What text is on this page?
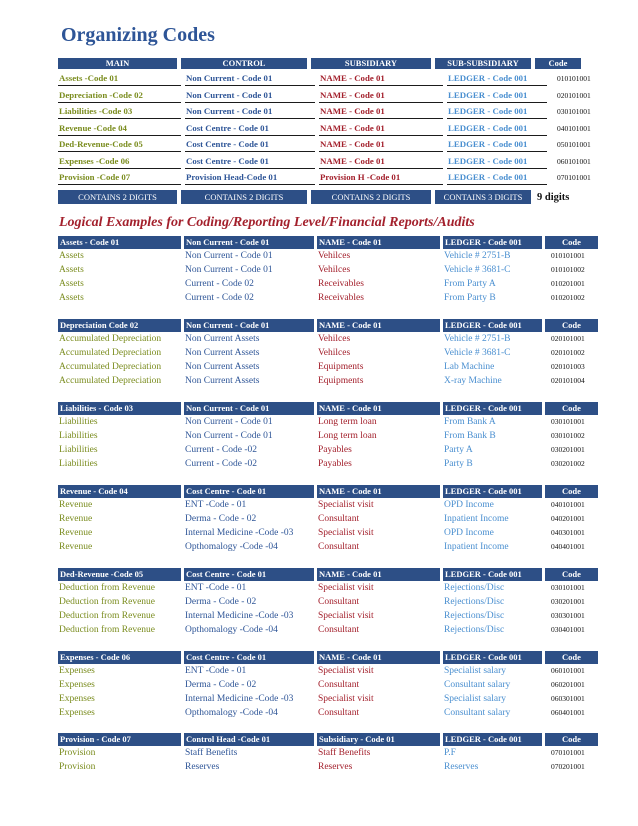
Organizing Codes
MAIN	CONTROL	SUBSIDIARY	SUB-SUBSIDIARY	Code
Assets -Code 01	Non Current - Code 01	NAME - Code 01	LEDGER - Code 001	010101001
Depreciation -Code 02	Non Current - Code 01	NAME - Code 01	LEDGER - Code 001	020101001
Liabilities -Code 03	Non Current - Code 01	NAME - Code 01	LEDGER - Code 001	030101001
Revenue -Code 04	Cost Centre - Code 01	NAME - Code 01	LEDGER - Code 001	040101001
Ded-Revenue-Code 05	Cost Centre - Code 01	NAME - Code 01	LEDGER - Code 001	050101001
Expenses -Code 06	Cost Centre - Code 01	NAME - Code 01	LEDGER - Code 001	060101001
Provision -Code 07	Provision Head-Code 01	Provision H -Code 01	LEDGER - Code 001	070101001
CONTAINS 2 DIGITS	CONTAINS 2 DIGITS	CONTAINS 2 DIGITS	CONTAINS 3 DIGITS	9 digits
Logical Examples for Coding/Reporting Level/Financial Reports/Audits
Assets - Code 01	Non Current - Code 01	NAME - Code 01	LEDGER - Code 001	Code
Assets	Non Current - Code 01	Vehilces	Vehicle # 2751-B	010101001
Assets	Non Current - Code 01	Vehilces	Vehicle # 3681-C	010101002
Assets	Current - Code 02	Receivables	From Party A	010201001
Assets	Current - Code 02	Receivables	From Party B	010201002
Depreciation Code 02	Non Current - Code 01	NAME - Code 01	LEDGER - Code 001	Code
Accumulated Depreciation	Non Current Assets	Vehilces	Vehicle # 2751-B	020101001
Accumulated Depreciation	Non Current Assets	Vehilces	Vehicle # 3681-C	020101002
Accumulated Depreciation	Non Current Assets	Equipments	Lab Machine	020101003
Accumulated Depreciation	Non Current Assets	Equipments	X-ray Machine	020101004
Liabilities - Code 03	Non Current - Code 01	NAME - Code 01	LEDGER - Code 001	Code
Liabilities	Non Current - Code 01	Long term loan	From Bank A	030101001
Liabilities	Non Current - Code 01	Long term loan	From Bank B	030101002
Liabilities	Current - Code -02	Payables	Party A	030201001
Liabilities	Current - Code -02	Payables	Party B	030201002
Revenue - Code 04	Cost Centre - Code 01	NAME - Code 01	LEDGER - Code 001	Code
Revenue	ENT -Code - 01	Specialist visit	OPD Income	040101001
Revenue	Derma - Code - 02	Consultant	Inpatient Income	040201001
Revenue	Internal Medicine -Code -03	Specialist visit	OPD Income	040301001
Revenue	Opthomalogy -Code -04	Consultant	Inpatient Income	040401001
Ded-Revenue -Code 05	Cost Centre - Code 01	NAME - Code 01	LEDGER - Code 001	Code
Deduction from Revenue	ENT -Code - 01	Specialist visit	Rejections/Disc	030101001
Deduction from Revenue	Derma - Code - 02	Consultant	Rejections/Disc	030201001
Deduction from Revenue	Internal Medicine -Code -03	Specialist visit	Rejections/Disc	030301001
Deduction from Revenue	Opthomalogy -Code -04	Consultant	Rejections/Disc	030401001
Expenses - Code 06	Cost Centre - Code 01	NAME - Code 01	LEDGER - Code 001	Code
Expenses	ENT -Code - 01	Specialist visit	Specialist salary	060101001
Expenses	Derma - Code - 02	Consultant	Consultant salary	060201001
Expenses	Internal Medicine -Code -03	Specialist visit	Specialist salary	060301001
Expenses	Opthomalogy -Code -04	Consultant	Consultant salary	060401001
Provision - Code 07	Control Head -Code 01	Subsidiary - Code 01	LEDGER - Code 001	Code
Provision	Staff Benefits	Staff Benefits	P.F	070101001
Provision	Reserves	Reserves	Reserves	070201001
